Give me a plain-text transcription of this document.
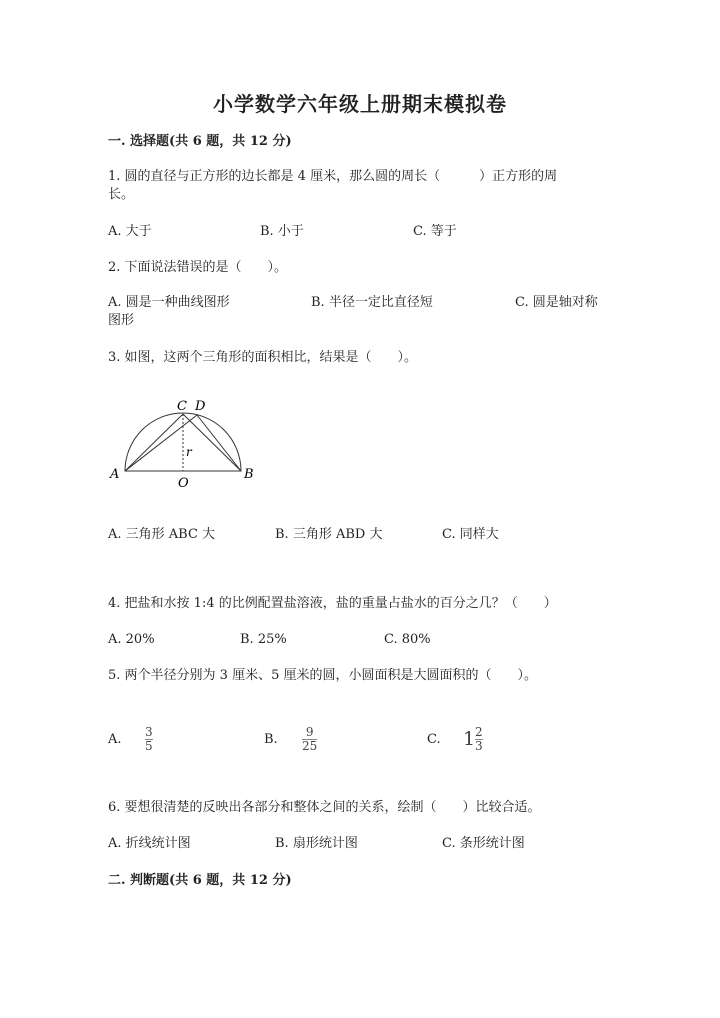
小学数学六年级上册期末模拟卷
一. 选择题(共 6 题，共 12 分)
1. 圆的直径与正方形的边长都是 4 厘米，那么圆的周长（　　　）正方形的周
长。
A. 大于	B. 小于	C. 等于
2. 下面说法错误的是（　　）。
A. 圆是一种曲线图形	B. 半径一定比直径短	C. 圆是轴对称
图形
3. 如图，这两个三角形的面积相比，结果是（　　）。
C D
A	B
O
r
A. 三角形 ABC 大	B. 三角形 ABD 大	C. 同样大
4. 把盐和水按 1:4 的比例配置盐溶液，盐的重量占盐水的百分之几？（　　）
A. 20%	B. 25%	C. 80%
5. 两个半径分别为 3 厘米、5 厘米的圆，小圆面积是大圆面积的（　　）。
A. 3
5	B. 9
25	C. 1 2
3
6. 要想很清楚的反映出各部分和整体之间的关系，绘制（　　）比较合适。
A. 折线统计图	B. 扇形统计图	C. 条形统计图
二. 判断题(共 6 题，共 12 分)
